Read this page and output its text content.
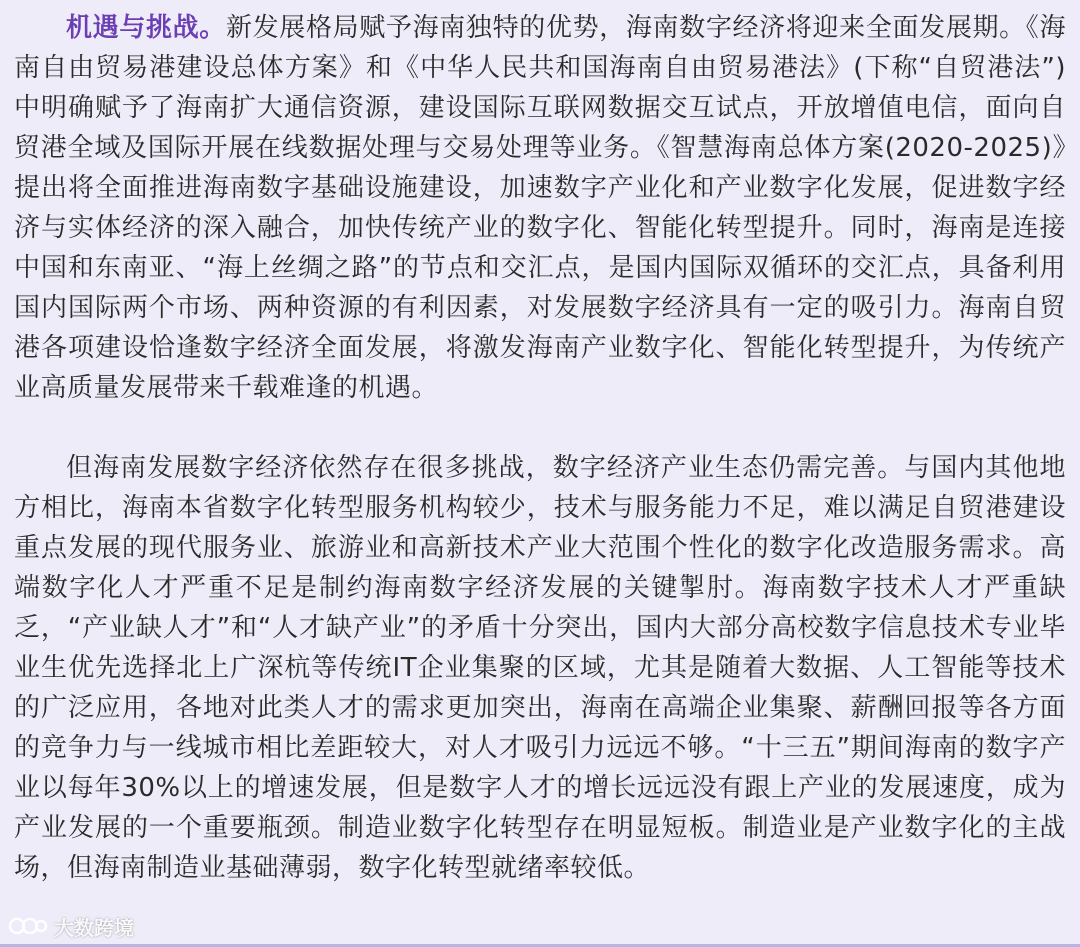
机遇与挑战。新发展格局赋予海南独特的优势，海南数字经济将迎来全面发展期。《海南自由贸易港建设总体方案》和《中华人民共和国海南自由贸易港法》(下称“自贸港法”)中明确赋予了海南扩大通信资源，建设国际互联网数据交互试点，开放增值电信，面向自贸港全域及国际开展在线数据处理与交易处理等业务。《智慧海南总体方案(2020-2025)》提出将全面推进海南数字基础设施建设，加速数字产业化和产业数字化发展，促进数字经济与实体经济的深入融合，加快传统产业的数字化、智能化转型提升。同时，海南是连接中国和东南亚、“海上丝绸之路”的节点和交汇点，是国内国际双循环的交汇点，具备利用国内国际两个市场、两种资源的有利因素，对发展数字经济具有一定的吸引力。海南自贸港各项建设恰逢数字经济全面发展，将激发海南产业数字化、智能化转型提升，为传统产业高质量发展带来千载难逢的机遇。

但海南发展数字经济依然存在很多挑战，数字经济产业生态仍需完善。与国内其他地方相比，海南本省数字化转型服务机构较少，技术与服务能力不足，难以满足自贸港建设重点发展的现代服务业、旅游业和高新技术产业大范围个性化的数字化改造服务需求。高端数字化人才严重不足是制约海南数字经济发展的关键掣肘。海南数字技术人才严重缺乏，“产业缺人才”和“人才缺产业”的矛盾十分突出，国内大部分高校数字信息技术专业毕业生优先选择北上广深杭等传统IT企业集聚的区域，尤其是随着大数据、人工智能等技术的广泛应用，各地对此类人才的需求更加突出，海南在高端企业集聚、薪酬回报等各方面的竞争力与一线城市相比差距较大，对人才吸引力远远不够。“十三五”期间海南的数字产业以每年30%以上的增速发展，但是数字人才的增长远远没有跟上产业的发展速度，成为产业发展的一个重要瓶颈。制造业数字化转型存在明显短板。制造业是产业数字化的主战场，但海南制造业基础薄弱，数字化转型就绪率较低。

大数跨境
